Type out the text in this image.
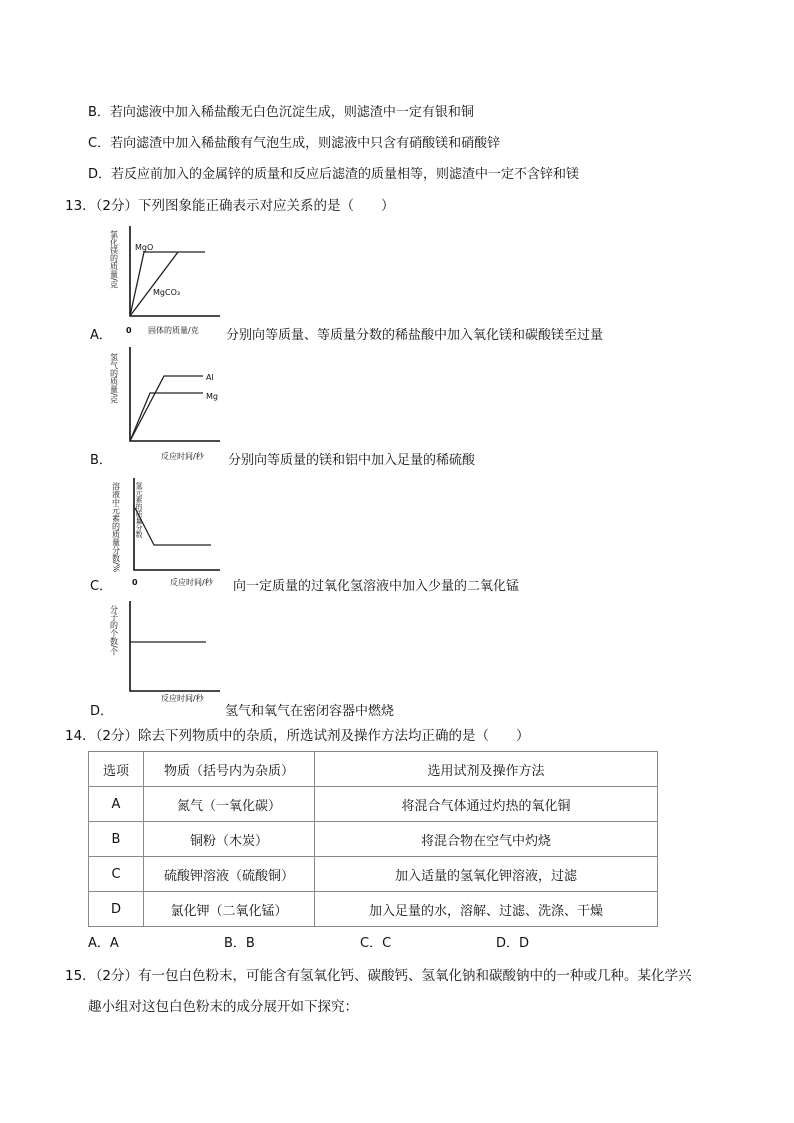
B．若向滤液中加入稀盐酸无白色沉淀生成，则滤渣中一定有银和铜
C．若向滤渣中加入稀盐酸有气泡生成，则滤液中只含有硝酸镁和硝酸锌
D．若反应前加入的金属锌的质量和反应后滤渣的质量相等，则滤渣中一定不含锌和镁
13．（2分）下列图象能正确表示对应关系的是（　　）
氯化镁的质量/克 MgO
MgCO₃
0 固体的质量/克
A．	分别向等质量、等质量分数的稀盐酸中加入氧化镁和碳酸镁至过量
氢气的质量/克	Al
Mg
反应时间/秒
B．	分别向等质量的镁和铝中加入足量的稀硫酸
溶液中元素的质量分数/% 氢元素的质量分数
0	反应时间/秒
C．	向一定质量的过氧化氢溶液中加入少量的二氧化锰
分子的个数/个
反应时间/秒
D．	氢气和氧气在密闭容器中燃烧
14．（2分）除去下列物质中的杂质，所选试剂及操作方法均正确的是（　　）
选项	物质（括号内为杂质）	选用试剂及操作方法
A	氮气（一氧化碳）	将混合气体通过灼热的氧化铜
B	铜粉（木炭）	将混合物在空气中灼烧
C	硫酸钾溶液（硫酸铜）	加入适量的氢氧化钾溶液，过滤
D	氯化钾（二氧化锰）	加入足量的水，溶解、过滤、洗涤、干燥
A．A	B．B	C．C	D．D
15．（2分）有一包白色粉末，可能含有氢氧化钙、碳酸钙、氢氧化钠和碳酸钠中的一种或几种。某化学兴
趣小组对这包白色粉末的成分展开如下探究：
